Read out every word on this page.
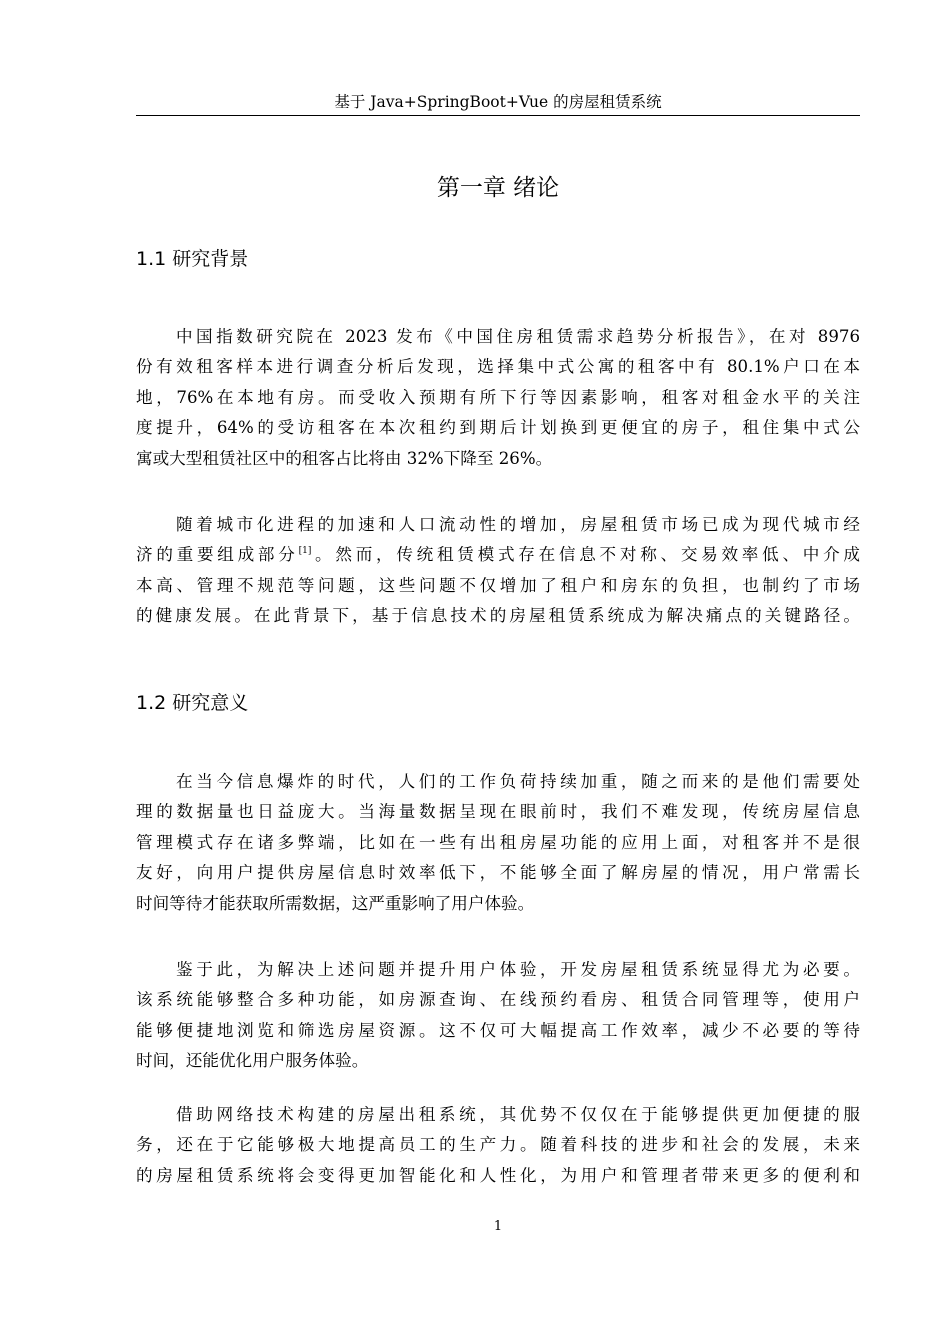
基于 Java+SpringBoot+Vue 的房屋租赁系统
第一章 绪论
1.1 研究背景
中国指数研究院在 2023 发布《中国住房租赁需求趋势分析报告》，在对 8976
份有效租客样本进行调查分析后发现，选择集中式公寓的租客中有 80.1%户口在本
地，76%在本地有房。而受收入预期有所下行等因素影响，租客对租金水平的关注
度提升，64%的受访租客在本次租约到期后计划换到更便宜的房子，租住集中式公
寓或大型租赁社区中的租客占比将由 32%下降至 26%。
随着城市化进程的加速和人口流动性的增加，房屋租赁市场已成为现代城市经
济的重要组成部分[1]。然而，传统租赁模式存在信息不对称、交易效率低、中介成
本高、管理不规范等问题，这些问题不仅增加了租户和房东的负担，也制约了市场
的健康发展。在此背景下，基于信息技术的房屋租赁系统成为解决痛点的关键路径。
1.2 研究意义
在当今信息爆炸的时代，人们的工作负荷持续加重，随之而来的是他们需要处
理的数据量也日益庞大。当海量数据呈现在眼前时，我们不难发现，传统房屋信息
管理模式存在诸多弊端，比如在一些有出租房屋功能的应用上面，对租客并不是很
友好，向用户提供房屋信息时效率低下，不能够全面了解房屋的情况，用户常需长
时间等待才能获取所需数据，这严重影响了用户体验。
鉴于此，为解决上述问题并提升用户体验，开发房屋租赁系统显得尤为必要。
该系统能够整合多种功能，如房源查询、在线预约看房、租赁合同管理等，使用户
能够便捷地浏览和筛选房屋资源。这不仅可大幅提高工作效率，减少不必要的等待
时间，还能优化用户服务体验。
借助网络技术构建的房屋出租系统，其优势不仅仅在于能够提供更加便捷的服
务，还在于它能够极大地提高员工的生产力。随着科技的进步和社会的发展，未来
的房屋租赁系统将会变得更加智能化和人性化，为用户和管理者带来更多的便利和
1
